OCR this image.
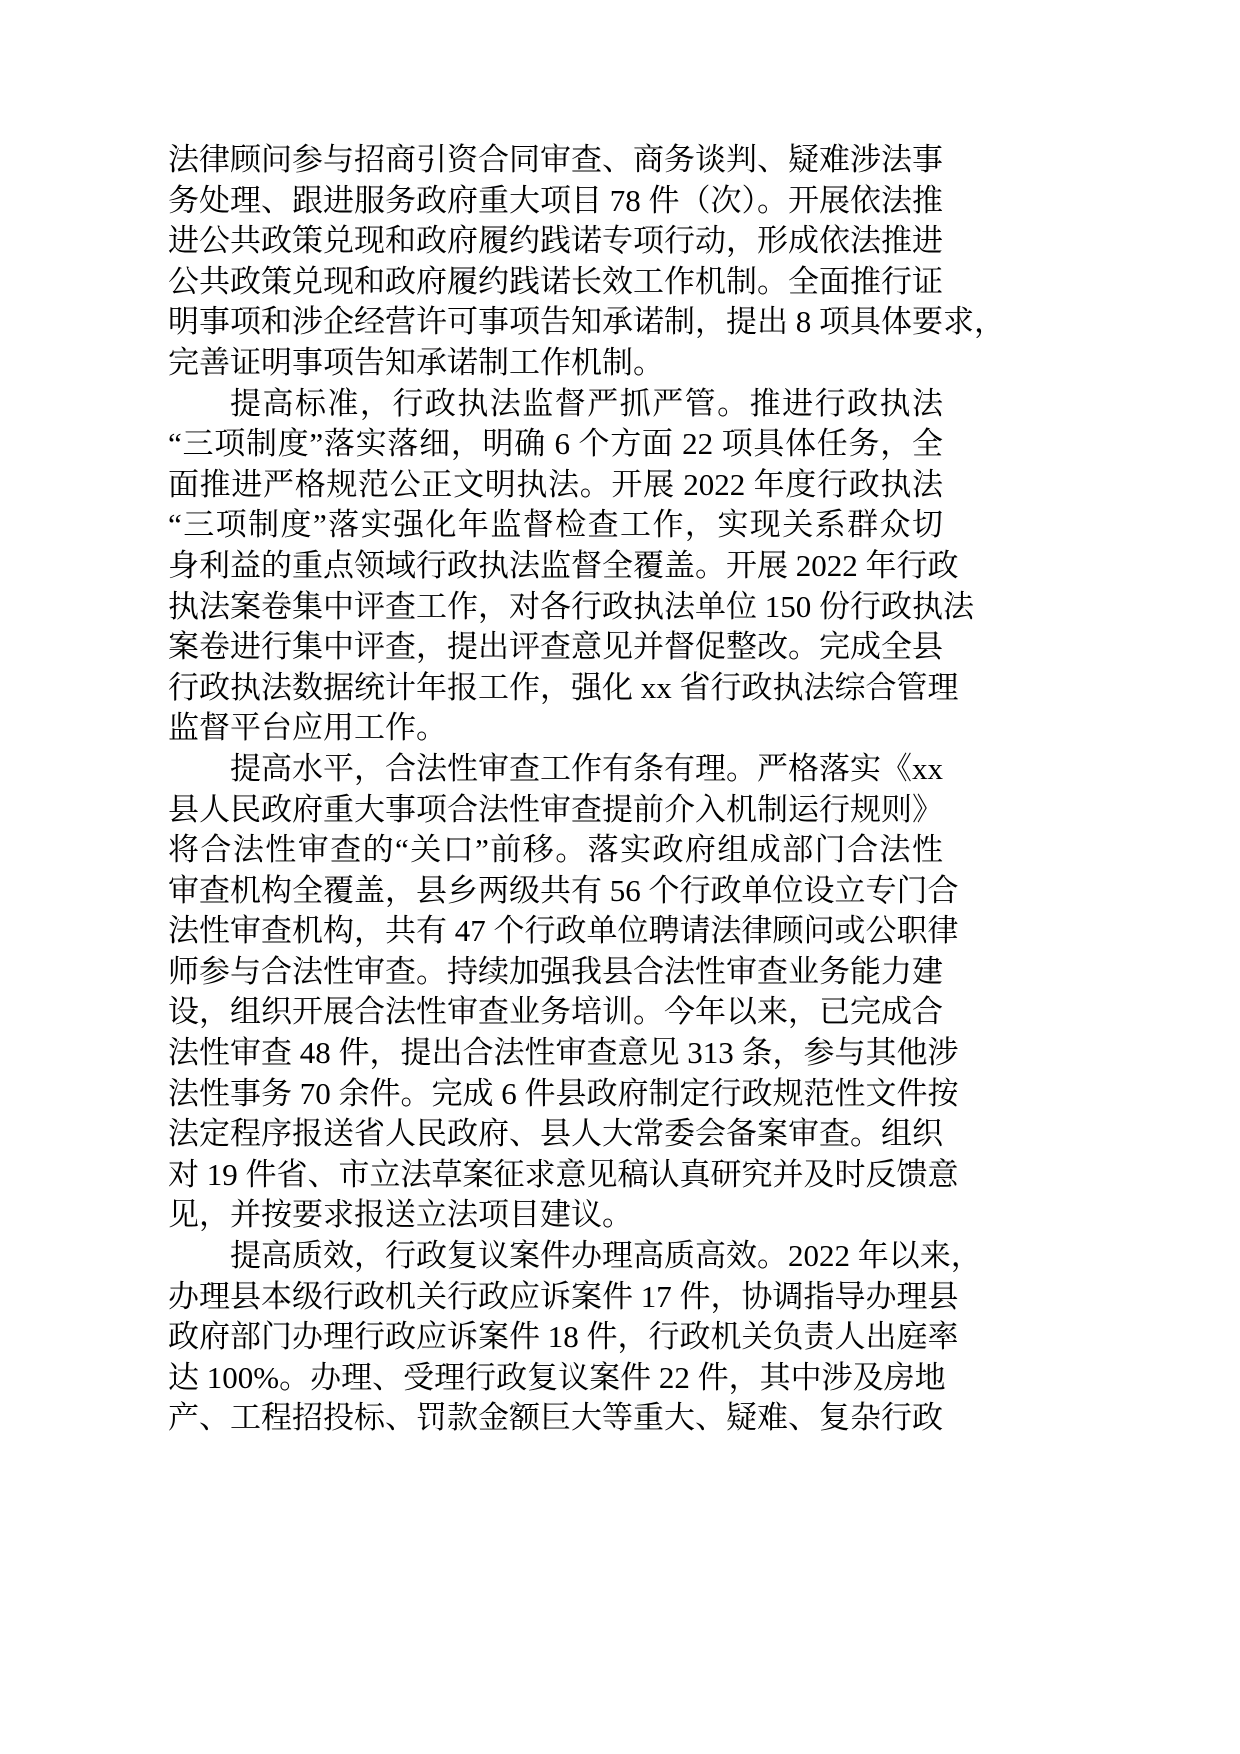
法律顾问参与招商引资合同审查、商务谈判、疑难涉法事
务处理、跟进服务政府重大项目 78 件（次）。开展依法推
进公共政策兑现和政府履约践诺专项行动，形成依法推进
公共政策兑现和政府履约践诺长效工作机制。全面推行证
明事项和涉企经营许可事项告知承诺制，提出 8 项具体要求，
完善证明事项告知承诺制工作机制。
提高标准，行政执法监督严抓严管。推进行政执法
“三项制度”落实落细，明确 6 个方面 22 项具体任务，全
面推进严格规范公正文明执法。开展 2022 年度行政执法
“三项制度”落实强化年监督检查工作，实现关系群众切
身利益的重点领域行政执法监督全覆盖。开展 2022 年行政
执法案卷集中评查工作，对各行政执法单位 150 份行政执法
案卷进行集中评查，提出评查意见并督促整改。完成全县
行政执法数据统计年报工作，强化 xx 省行政执法综合管理
监督平台应用工作。
提高水平，合法性审查工作有条有理。严格落实《xx
县人民政府重大事项合法性审查提前介入机制运行规则》
将合法性审查的“关口”前移。落实政府组成部门合法性
审查机构全覆盖，县乡两级共有 56 个行政单位设立专门合
法性审查机构，共有 47 个行政单位聘请法律顾问或公职律
师参与合法性审查。持续加强我县合法性审查业务能力建
设，组织开展合法性审查业务培训。今年以来，已完成合
法性审查 48 件，提出合法性审查意见 313 条，参与其他涉
法性事务 70 余件。完成 6 件县政府制定行政规范性文件按
法定程序报送省人民政府、县人大常委会备案审查。组织
对 19 件省、市立法草案征求意见稿认真研究并及时反馈意
见，并按要求报送立法项目建议。
提高质效，行政复议案件办理高质高效。2022 年以来，
办理县本级行政机关行政应诉案件 17 件，协调指导办理县
政府部门办理行政应诉案件 18 件，行政机关负责人出庭率
达 100%。办理、受理行政复议案件 22 件，其中涉及房地
产、工程招投标、罚款金额巨大等重大、疑难、复杂行政
